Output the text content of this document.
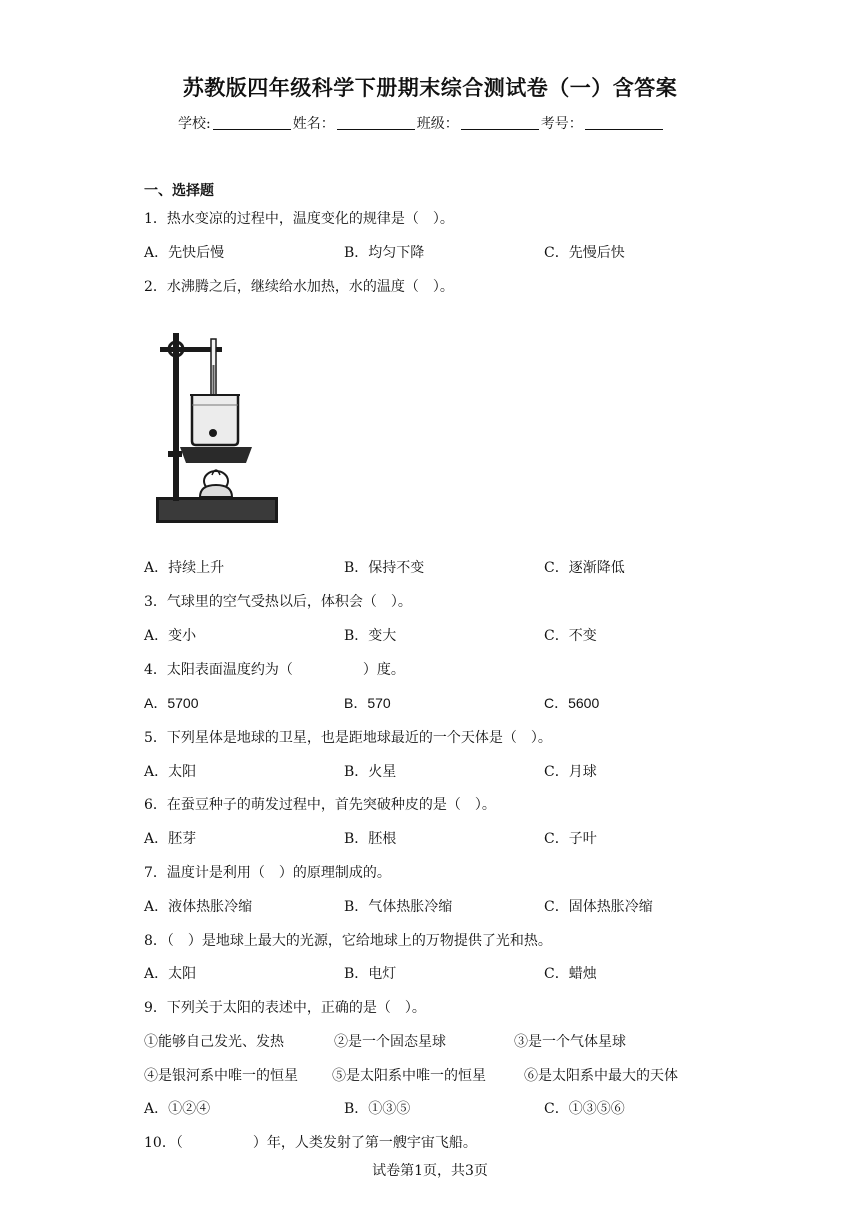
苏教版四年级科学下册期末综合测试卷（一）含答案
学校:	姓名：	班级：	考号：
一、选择题
1．热水变凉的过程中，温度变化的规律是（　）。
A．先快后慢	B．均匀下降	C．先慢后快
2．水沸腾之后，继续给水加热，水的温度（　）。
A．持续上升	B．保持不变	C．逐渐降低
3．气球里的空气受热以后，体积会（　）。
A．变小	B．变大	C．不变
4．太阳表面温度约为（　　　　　）度。
A．5700	B．570	C．5600
5．下列星体是地球的卫星，也是距地球最近的一个天体是（　）。
A．太阳	B．火星	C．月球
6．在蚕豆种子的萌发过程中，首先突破种皮的是（　）。
A．胚芽	B．胚根	C．子叶
7．温度计是利用（　）的原理制成的。
A．液体热胀冷缩	B．气体热胀冷缩	C．固体热胀冷缩
8．（　）是地球上最大的光源，它给地球上的万物提供了光和热。
A．太阳	B．电灯	C．蜡烛
9．下列关于太阳的表述中，正确的是（　）。
①能够自己发光、发热	②是一个固态星球	③是一个气体星球
④是银河系中唯一的恒星 ⑤是太阳系中唯一的恒星	⑥是太阳系中最大的天体
A．①②④	B．①③⑤	C．①③⑤⑥
10．（　　　　　）年，人类发射了第一艘宇宙飞船。
试卷第1页，共3页
